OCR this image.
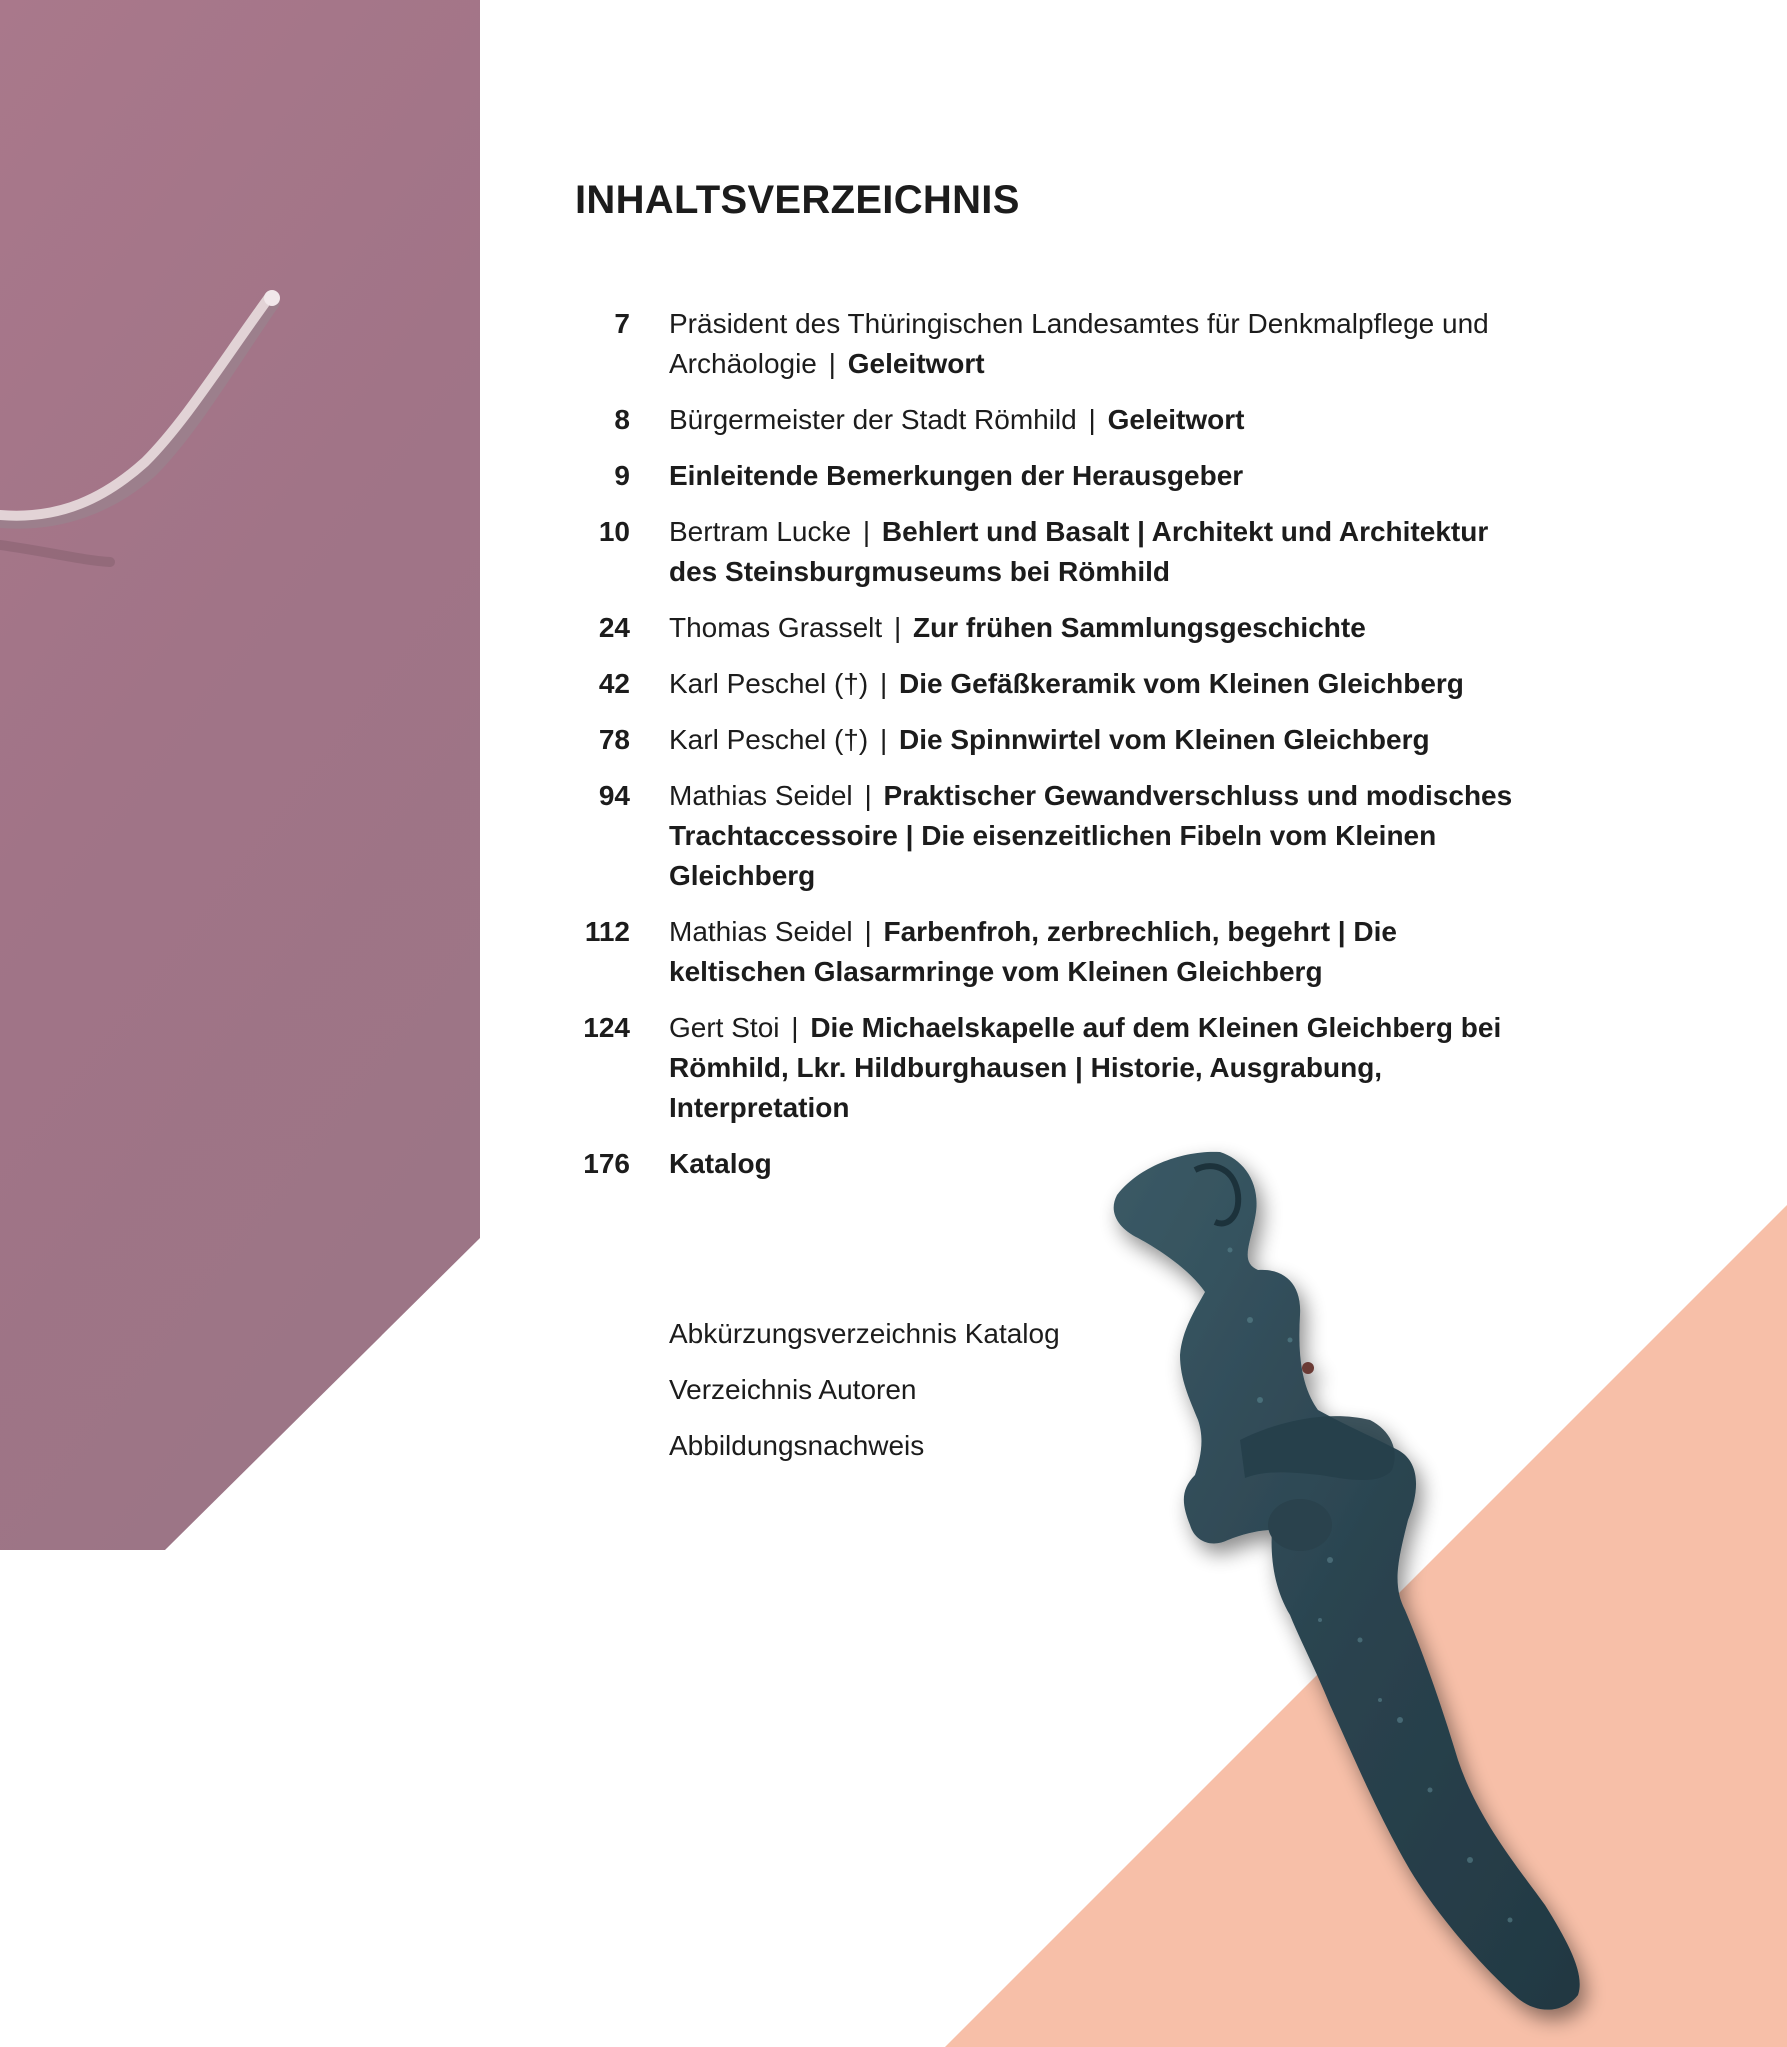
INHALTSVERZEICHNIS
7 Präsident des Thüringischen Landesamtes für Denkmalpflege und Archäologie | Geleitwort
8 Bürgermeister der Stadt Römhild | Geleitwort
9 Einleitende Bemerkungen der Herausgeber
10 Bertram Lucke | Behlert und Basalt | Architekt und Architektur des Steinsburgmuseums bei Römhild
24 Thomas Grasselt | Zur frühen Sammlungsgeschichte
42 Karl Peschel (†) | Die Gefäßkeramik vom Kleinen Gleichberg
78 Karl Peschel (†) | Die Spinnwirtel vom Kleinen Gleichberg
94 Mathias Seidel | Praktischer Gewandverschluss und modisches Trachtaccessoire | Die eisenzeitlichen Fibeln vom Kleinen Gleichberg
112 Mathias Seidel | Farbenfroh, zerbrechlich, begehrt | Die keltischen Glasarmringe vom Kleinen Gleichberg
124 Gert Stoi | Die Michaelskapelle auf dem Kleinen Gleichberg bei Römhild, Lkr. Hildburghausen | Historie, Ausgrabung, Interpretation
176 Katalog
Abkürzungsverzeichnis Katalog
Verzeichnis Autoren
Abbildungsnachweis
